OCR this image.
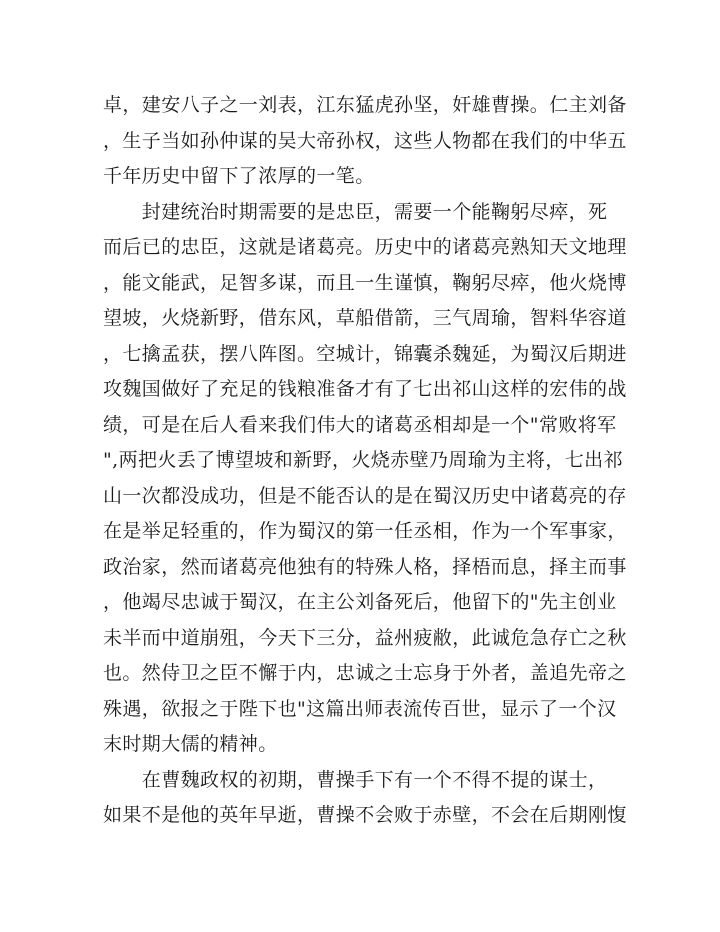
卓，建安八子之一刘表，江东猛虎孙坚，奸雄曹操。仁主刘备
，生子当如孙仲谋的吴大帝孙权，这些人物都在我们的中华五
千年历史中留下了浓厚的一笔。
　　封建统治时期需要的是忠臣，需要一个能鞠躬尽瘁，死
而后已的忠臣，这就是诸葛亮。历史中的诸葛亮熟知天文地理
，能文能武，足智多谋，而且一生谨慎，鞠躬尽瘁，他火烧博
望坡，火烧新野，借东风，草船借箭，三气周瑜，智料华容道
，七擒孟获，摆八阵图。空城计，锦囊杀魏延，为蜀汉后期进
攻魏国做好了充足的钱粮准备才有了七出祁山这样的宏伟的战
绩，可是在后人看来我们伟大的诸葛丞相却是一个"常败将军
",两把火丢了博望坡和新野，火烧赤壁乃周瑜为主将，七出祁
山一次都没成功，但是不能否认的是在蜀汉历史中诸葛亮的存
在是举足轻重的，作为蜀汉的第一任丞相，作为一个军事家，
政治家，然而诸葛亮他独有的特殊人格，择梧而息，择主而事
，他竭尽忠诚于蜀汉，在主公刘备死后，他留下的"先主创业
未半而中道崩殂，今天下三分，益州疲敝，此诚危急存亡之秋
也。然侍卫之臣不懈于内，忠诚之士忘身于外者，盖追先帝之
殊遇，欲报之于陛下也"这篇出师表流传百世，显示了一个汉
末时期大儒的精神。
　　在曹魏政权的初期，曹操手下有一个不得不提的谋士，
如果不是他的英年早逝，曹操不会败于赤壁，不会在后期刚愎
